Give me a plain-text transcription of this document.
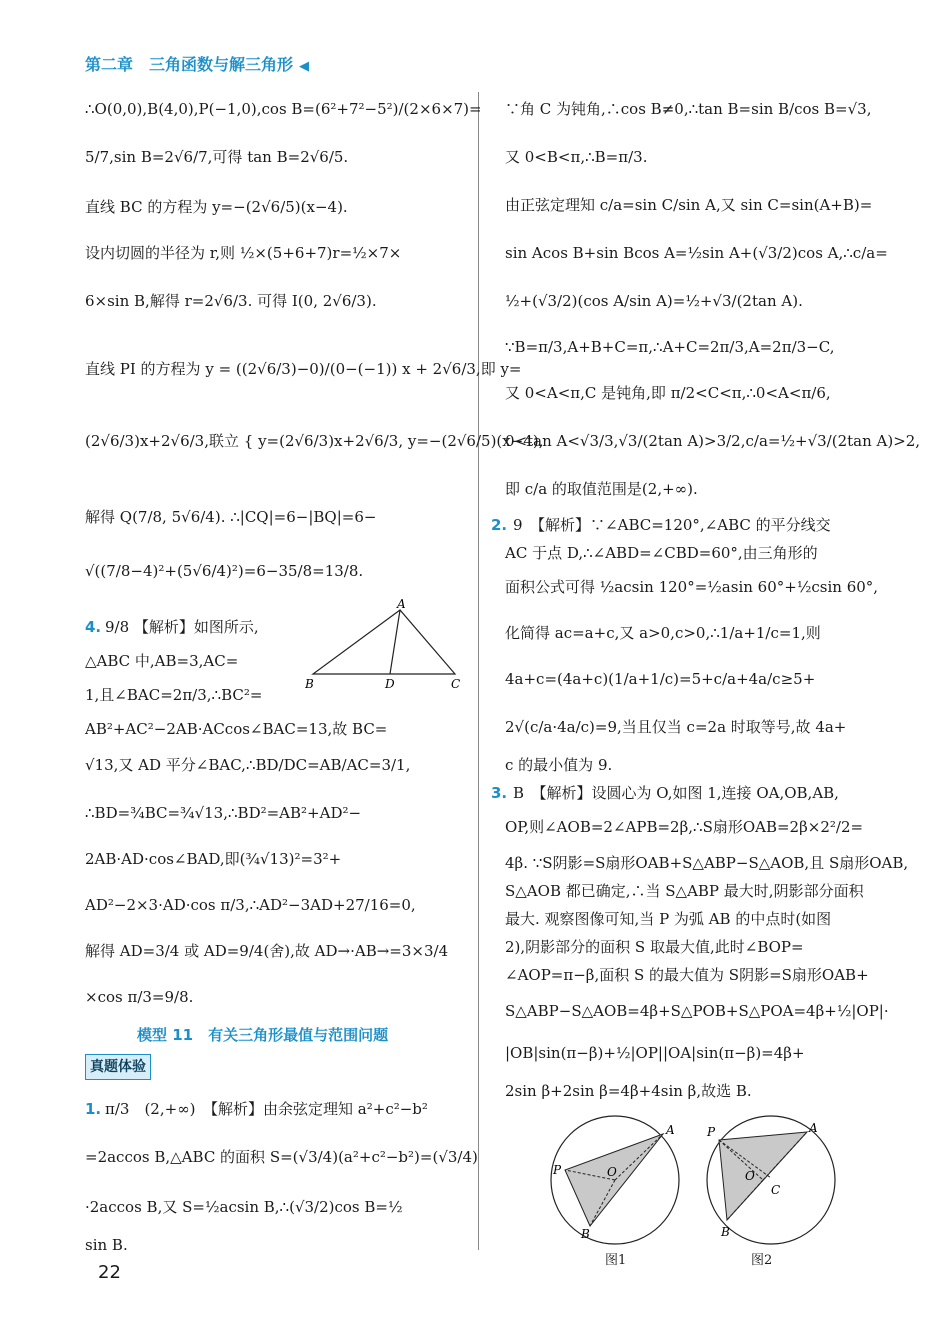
第二章　三角函数与解三角形 ◀
∴O(0,0),B(4,0),P(−1,0),cos B=(6²+7²−5²)/(2×6×7)=
5/7,sin B=2√6/7,可得 tan B=2√6/5.
直线 BC 的方程为 y=−(2√6/5)(x−4).
设内切圆的半径为 r,则 ½×(5+6+7)r=½×7×
6×sin B,解得 r=2√6/3. 可得 I(0, 2√6/3).
直线 PI 的方程为 y = ((2√6/3)−0)/(0−(−1)) x + 2√6/3,即 y=
(2√6/3)x+2√6/3,联立 { y=(2√6/3)x+2√6/3, y=−(2√6/5)(x−4),
解得 Q(7/8, 5√6/4). ∴|CQ|=6−|BQ|=6−
√((7/8−4)²+(5√6/4)²)=6−35/8=13/8.
4. 9/8 【解析】如图所示,
△ABC 中,AB=3,AC=
1,且∠BAC=2π/3,∴BC²=
A
B	D	C
AB²+AC²−2AB·ACcos∠BAC=13,故 BC=
√13,又 AD 平分∠BAC,∴BD/DC=AB/AC=3/1,
∴BD=¾BC=¾√13,∴BD²=AB²+AD²−
2AB·AD·cos∠BAD,即(¾√13)²=3²+
AD²−2×3·AD·cos π/3,∴AD²−3AD+27/16=0,
解得 AD=3/4 或 AD=9/4(舍),故 AD→·AB→=3×3/4
×cos π/3=9/8.
模型 11　有关三角形最值与范围问题
真题体验
1. π/3　(2,+∞)　【解析】由余弦定理知 a²+c²−b²
=2accos B,△ABC 的面积 S=(√3/4)(a²+c²−b²)=(√3/4)
·2accos B,又 S=½acsin B,∴(√3/2)cos B=½
sin B.
∵角 C 为钝角,∴cos B≠0,∴tan B=sin B/cos B=√3,
又 0<B<π,∴B=π/3.
由正弦定理知 c/a=sin C/sin A,又 sin C=sin(A+B)=
sin Acos B+sin Bcos A=½sin A+(√3/2)cos A,∴c/a=
½+(√3/2)(cos A/sin A)=½+√3/(2tan A).
∵B=π/3,A+B+C=π,∴A+C=2π/3,A=2π/3−C,
又 0<A<π,C 是钝角,即 π/2<C<π,∴0<A<π/6,
0<tan A<√3/3,√3/(2tan A)>3/2,c/a=½+√3/(2tan A)>2,
即 c/a 的取值范围是(2,+∞).
2. 9　【解析】∵∠ABC=120°,∠ABC 的平分线交
AC 于点 D,∴∠ABD=∠CBD=60°,由三角形的
面积公式可得 ½acsin 120°=½asin 60°+½csin 60°,
化简得 ac=a+c,又 a>0,c>0,∴1/a+1/c=1,则
4a+c=(4a+c)(1/a+1/c)=5+c/a+4a/c≥5+
2√(c/a·4a/c)=9,当且仅当 c=2a 时取等号,故 4a+
c 的最小值为 9.
3. B　【解析】设圆心为 O,如图 1,连接 OA,OB,AB,
OP,则∠AOB=2∠APB=2β,∴S扇形OAB=2β×2²/2=
4β. ∵S阴影=S扇形OAB+S△ABP−S△AOB,且 S扇形OAB,
S△AOB 都已确定,∴当 S△ABP 最大时,阴影部分面积
最大. 观察图像可知,当 P 为弧 AB 的中点时(如图
2),阴影部分的面积 S 取最大值,此时∠BOP=
∠AOP=π−β,面积 S 的最大值为 S阴影=S扇形OAB+
S△ABP−S△AOB=4β+S△POB+S△POA=4β+½|OP|·
|OB|sin(π−β)+½|OP||OA|sin(π−β)=4β+
2sin β+2sin β=4β+4sin β,故选 B.
A
P	O
B
图1
P	A
O
C
B
图2
22
